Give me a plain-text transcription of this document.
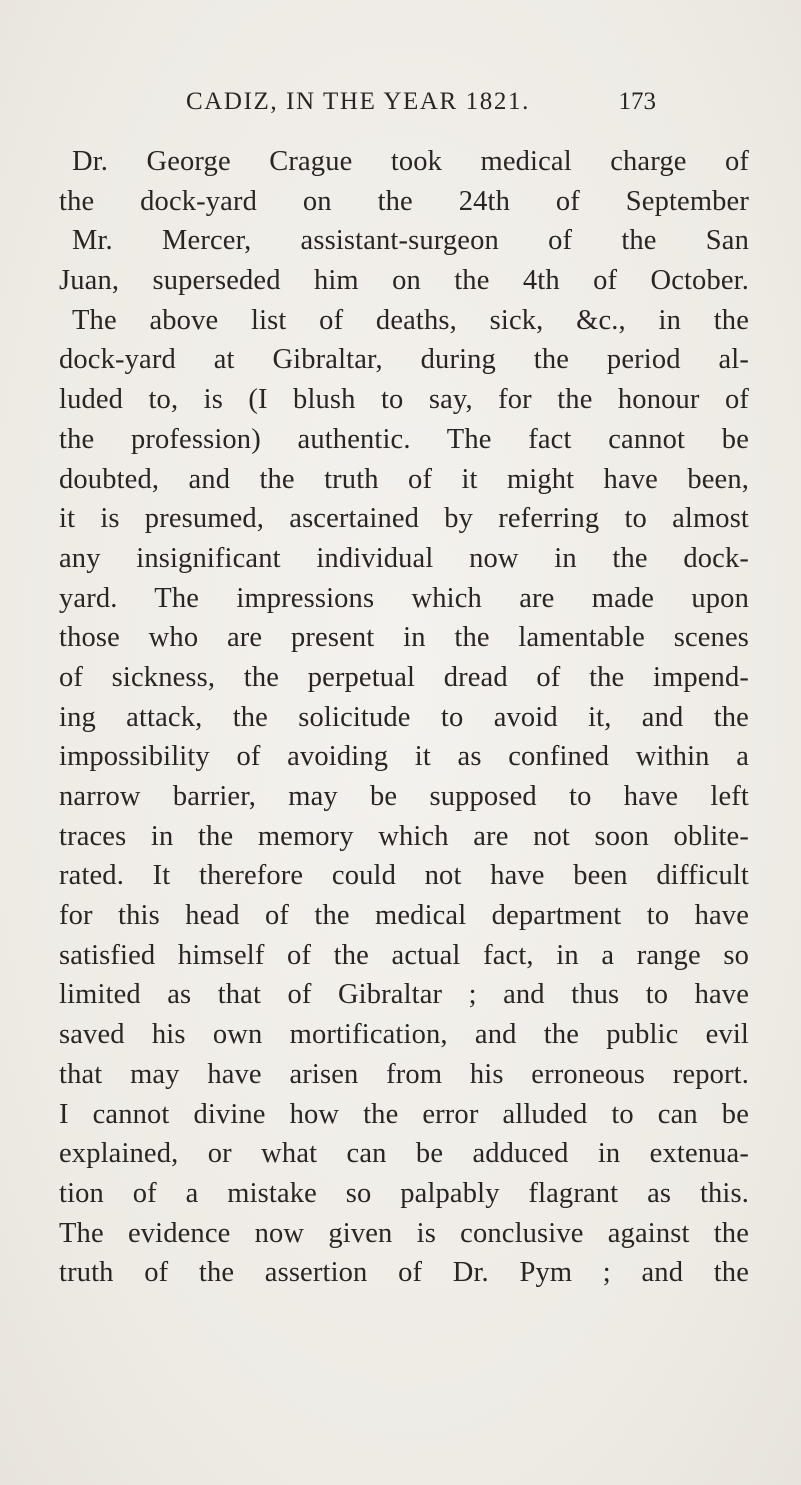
CADIZ, IN THE YEAR 1821.	173
Dr. George Crague took medical charge of
the dock-yard on the 24th of September
Mr. Mercer, assistant-surgeon of the San
Juan, superseded him on the 4th of October.
The above list of deaths, sick, &c., in the
dock-yard at Gibraltar, during the period al-
luded to, is (I blush to say, for the honour of
the profession) authentic. The fact cannot be
doubted, and the truth of it might have been,
it is presumed, ascertained by referring to almost
any insignificant individual now in the dock-
yard. The impressions which are made upon
those who are present in the lamentable scenes
of sickness, the perpetual dread of the impend-
ing attack, the solicitude to avoid it, and the
impossibility of avoiding it as confined within a
narrow barrier, may be supposed to have left
traces in the memory which are not soon oblite-
rated. It therefore could not have been difficult
for this head of the medical department to have
satisfied himself of the actual fact, in a range so
limited as that of Gibraltar ; and thus to have
saved his own mortification, and the public evil
that may have arisen from his erroneous report.
I cannot divine how the error alluded to can be
explained, or what can be adduced in extenua-
tion of a mistake so palpably flagrant as this.
The evidence now given is conclusive against the
truth of the assertion of Dr. Pym ; and the
